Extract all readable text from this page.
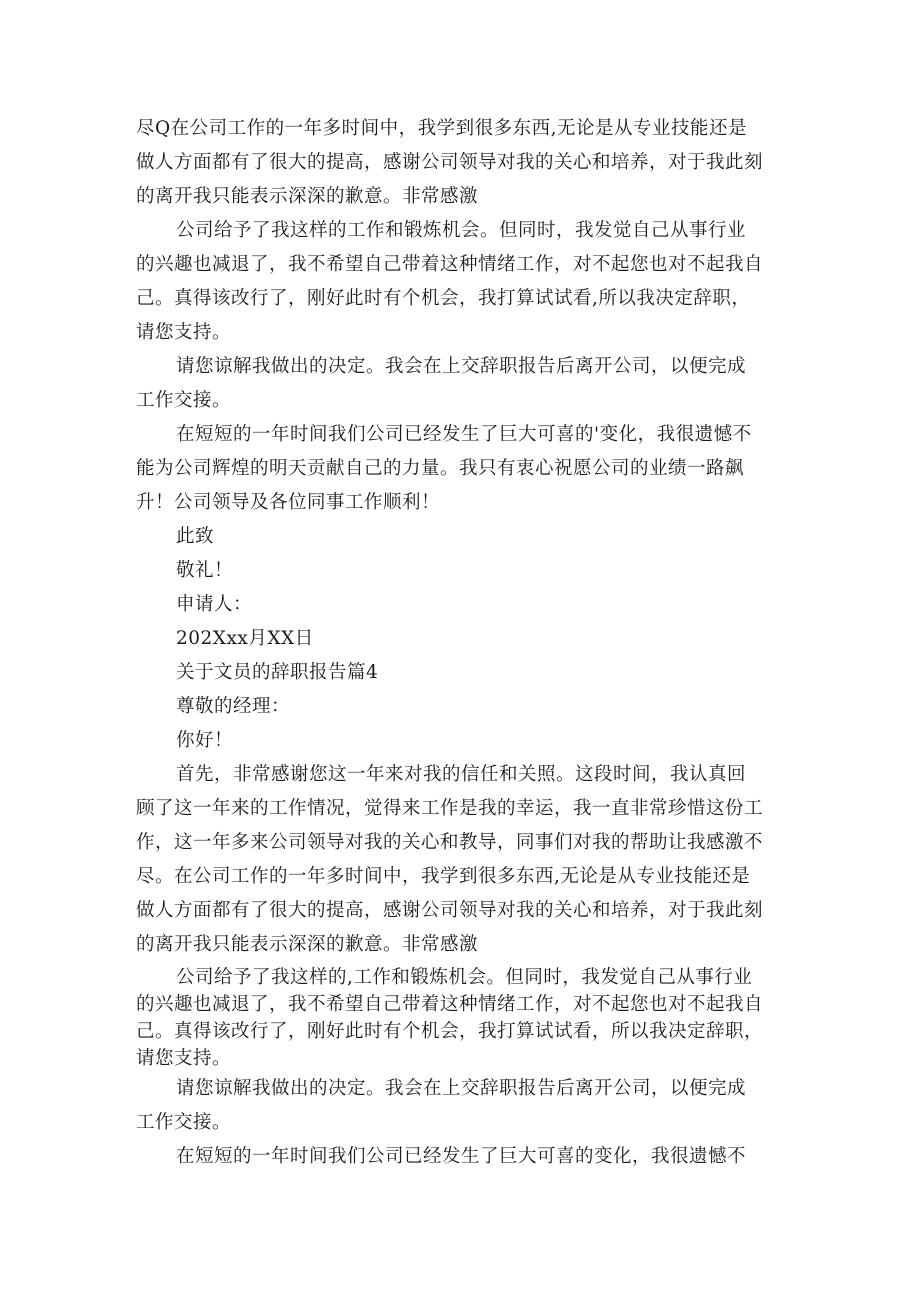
尽Q在公司工作的一年多时间中，我学到很多东西,无论是从专业技能还是
做人方面都有了很大的提高，感谢公司领导对我的关心和培养，对于我此刻
的离开我只能表示深深的歉意。非常感激
公司给予了我这样的工作和锻炼机会。但同时，我发觉自己从事行业
的兴趣也减退了，我不希望自己带着这种情绪工作，对不起您也对不起我自
己。真得该改行了，刚好此时有个机会，我打算试试看,所以我决定辞职，
请您支持。
请您谅解我做出的决定。我会在上交辞职报告后离开公司，以便完成
工作交接。
在短短的一年时间我们公司已经发生了巨大可喜的'变化，我很遗憾不
能为公司辉煌的明天贡献自己的力量。我只有衷心祝愿公司的业绩一路飙
升！公司领导及各位同事工作顺利！
此致
敬礼！
申请人：
202Xxx月XX日
关于文员的辞职报告篇4
尊敬的经理：
你好！
首先，非常感谢您这一年来对我的信任和关照。这段时间，我认真回
顾了这一年来的工作情况，觉得来工作是我的幸运，我一直非常珍惜这份工
作，这一年多来公司领导对我的关心和教导，同事们对我的帮助让我感激不
尽。在公司工作的一年多时间中，我学到很多东西,无论是从专业技能还是
做人方面都有了很大的提高，感谢公司领导对我的关心和培养，对于我此刻
的离开我只能表示深深的歉意。非常感激
公司给予了我这样的,工作和锻炼机会。但同时，我发觉自己从事行业
的兴趣也减退了，我不希望自己带着这种情绪工作，对不起您也对不起我自
己。真得该改行了，刚好此时有个机会，我打算试试看，所以我决定辞职，
请您支持。
请您谅解我做出的决定。我会在上交辞职报告后离开公司，以便完成
工作交接。
在短短的一年时间我们公司已经发生了巨大可喜的变化，我很遗憾不
